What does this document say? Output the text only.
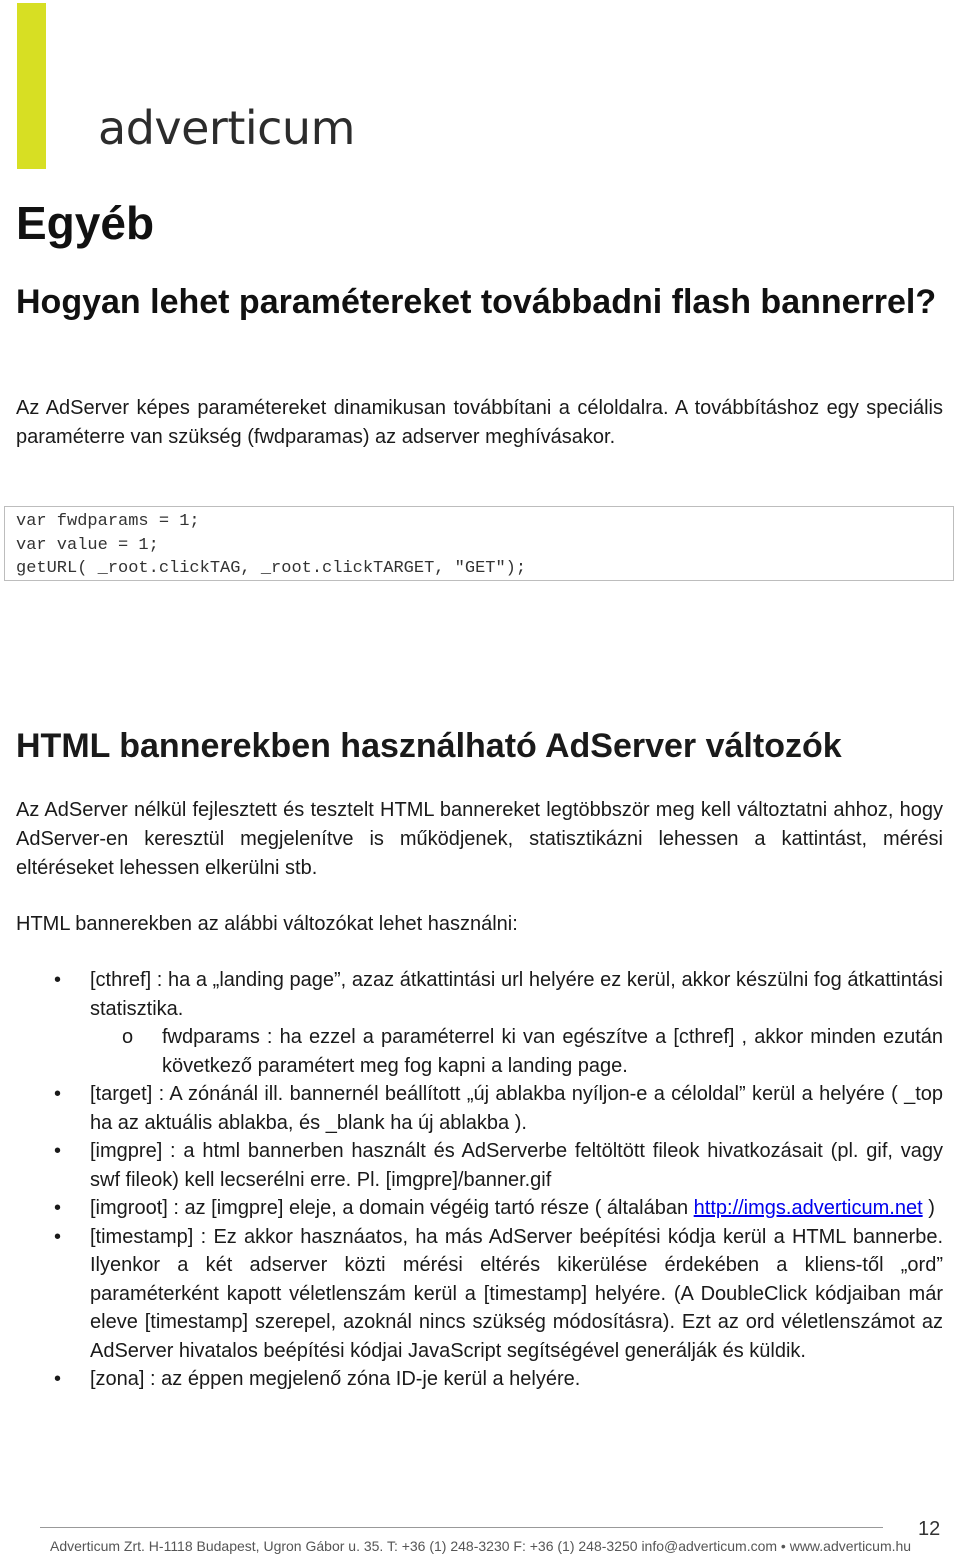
adverticum
Egyéb
Hogyan lehet paramétereket továbbadni flash bannerrel?

Az AdServer képes paramétereket dinamikusan továbbítani a céloldalra. A továbbításhoz egy speciális paraméterre van szükség (fwdparamas) az adserver meghívásakor.

var fwdparams = 1;
var value = 1;
getURL( _root.clickTAG, _root.clickTARGET, "GET");
HTML bannerekben használható AdServer változók

Az AdServer nélkül fejlesztett és tesztelt HTML bannereket legtöbbször meg kell változtatni ahhoz, hogy AdServer-en keresztül megjelenítve is működjenek, statisztikázni lehessen a kattintást, mérési eltéréseket lehessen elkerülni stb.

HTML bannerekben az alábbi változókat lehet használni:

• [cthref] : ha a „landing page”, azaz átkattintási url helyére ez kerül, akkor készülni fog átkattintási statisztika.
o fwdparams : ha ezzel a paraméterrel ki van egészítve a [cthref] , akkor minden ezután következő paramétert meg fog kapni a landing page.
• [target] : A zónánál ill. bannernél beállított „új ablakba nyíljon-e a céloldal” kerül a helyére ( _top ha az aktuális ablakba, és _blank ha új ablakba ).
• [imgpre] : a html bannerben használt és AdServerbe feltöltött fileok hivatkozásait (pl. gif, vagy swf fileok) kell lecserélni erre. Pl. [imgpre]/banner.gif
• [imgroot] : az [imgpre] eleje, a domain végéig tartó része ( általában http://imgs.adverticum.net )
• [timestamp] : Ez akkor hasznáatos, ha más AdServer beépítési kódja kerül a HTML bannerbe. Ilyenkor a két adserver közti mérési eltérés kikerülése érdekében a kliens-től „ord” paraméterként kapott véletlenszám kerül a [timestamp] helyére. (A DoubleClick kódjaiban már eleve [timestamp] szerepel, azoknál nincs szükség módosításra). Ezt az ord véletlenszámot az AdServer hivatalos beépítési kódjai JavaScript segítségével generálják és küldik.
• [zona] : az éppen megjelenő zóna ID-je kerül a helyére.
Adverticum Zrt. H-1118 Budapest, Ugron Gábor u. 35. T: +36 (1) 248-3230 F: +36 (1) 248-3250 info@adverticum.com • www.adverticum.hu
12
